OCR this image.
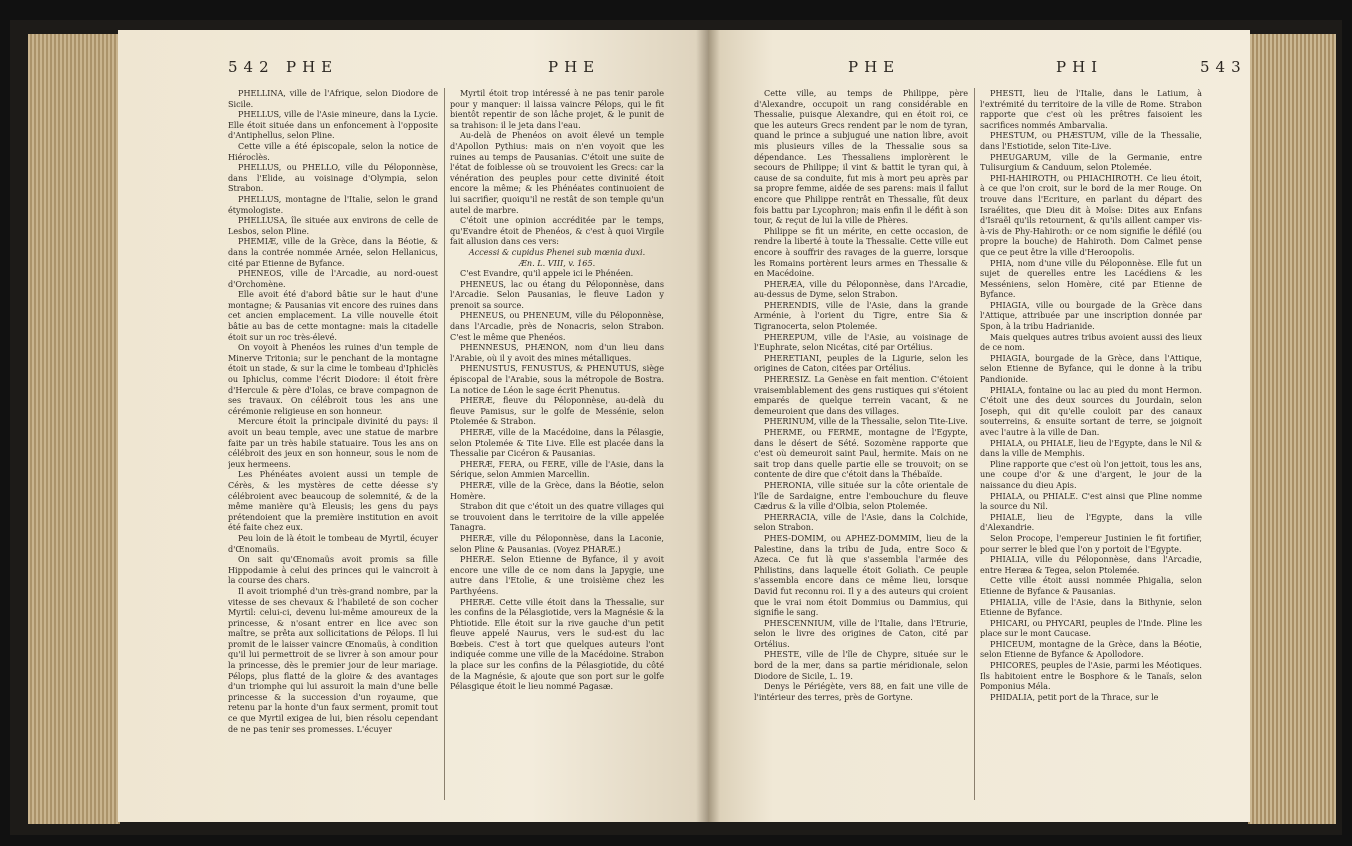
542 PHE	PHE

PHELLINA, ville de l'Afrique, selon Diodore de Sicile.

PHELLUS, ville de l'Asie mineure, dans la Lycie. Elle étoit située dans un enfoncement à l'opposite d'Antiphellus, selon Pline.

Cette ville a été épiscopale, selon la notice de Hiéroclès.

PHELLUS, ou PHELLO, ville du Péloponnèse, dans l'Elide, au voisinage d'Olympia, selon Strabon.

PHELLUS, montagne de l'Italie, selon le grand étymologiste.

PHELLUSA, île située aux environs de celle de Lesbos, selon Pline.

PHEMIÆ, ville de la Grèce, dans la Béotie, & dans la contrée nommée Arnée, selon Hellanicus, cité par Etienne de Byfance.

PHENEOS, ville de l'Arcadie, au nord-ouest d'Orchomène.

Elle avoit été d'abord bâtie sur le haut d'une montagne; & Pausanias vit encore des ruines dans cet ancien emplacement. La ville nouvelle étoit bâtie au bas de cette montagne: mais la citadelle étoit sur un roc très-élevé.

On voyoit à Phenéos les ruines d'un temple de Minerve Tritonia; sur le penchant de la montagne étoit un stade, & sur la cime le tombeau d'Iphiclès ou Iphiclus, comme l'écrit Diodore: il étoit frère d'Hercule & père d'Iolas, ce brave compagnon de ses travaux. On célébroit tous les ans une cérémonie religieuse en son honneur.

Mercure étoit la principale divinité du pays: il avoit un beau temple, avec une statue de marbre faite par un très habile statuaire. Tous les ans on célébroit des jeux en son honneur, sous le nom de jeux hermeens.

Les Phénéates avoient aussi un temple de Cérès, & les mystères de cette déesse s'y célébroient avec beaucoup de solemnité, & de la même manière qu'à Eleusis; les gens du pays prétendoient que la première institution en avoit été faite chez eux.

Peu loin de là étoit le tombeau de Myrtil, écuyer d'Œnomaüs.

On sait qu'Œnomaüs avoit promis sa fille Hippodamie à celui des princes qui le vaincroit à la course des chars.

Il avoit triomphé d'un très-grand nombre, par la vitesse de ses chevaux & l'habileté de son cocher Myrtil: celui-ci, devenu lui-même amoureux de la princesse, & n'osant entrer en lice avec son maître, se prêta aux sollicitations de Pélops. Il lui promit de le laisser vaincre Œnomaüs, à condition qu'il lui permettroit de se livrer à son amour pour la princesse, dès le premier jour de leur mariage. Pélops, plus flatté de la gloire & des avantages d'un triomphe qui lui assuroit la main d'une belle princesse & la succession d'un royaume, que retenu par la honte d'un faux serment, promit tout ce que Myrtil exigea de lui, bien résolu cependant de ne pas tenir ses promesses. L'écuyer

Myrtil étoit trop intéressé à ne pas tenir parole pour y manquer: il laissa vaincre Pélops, qui le fit bientôt repentir de son lâche projet, & le punit de sa trahison: il le jeta dans l'eau.

Au-delà de Phenéos on avoit élevé un temple d'Apollon Pythius: mais on n'en voyoit que les ruines au temps de Pausanias. C'étoit une suite de l'état de foiblesse où se trouvoient les Grecs: car la vénération des peuples pour cette divinité étoit encore la même; & les Phénéates continuoient de lui sacrifier, quoiqu'il ne restât de son temple qu'un autel de marbre.

C'étoit une opinion accréditée par le temps, qu'Evandre étoit de Phenéos, & c'est à quoi Virgile fait allusion dans ces vers:

Accessi & cupidus Phenei sub mœnia duxi.

Æn. L. VIII, v. 165.

C'est Evandre, qu'il appele ici le Phénéen.

PHENEUS, lac ou étang du Péloponnèse, dans l'Arcadie. Selon Pausanias, le fleuve Ladon y prenoit sa source.

PHENEUS, ou PHENEUM, ville du Péloponnèse, dans l'Arcadie, près de Nonacris, selon Strabon. C'est le même que Phenéos.

PHENNESUS, PHÆNON, nom d'un lieu dans l'Arabie, où il y avoit des mines métalliques.

PHENUSTUS, FENUSTUS, & PHENUTUS, siège épiscopal de l'Arabie, sous la métropole de Bostra. La notice de Léon le sage écrit Phenutus.

PHERÆ, fleuve du Péloponnèse, au-delà du fleuve Pamisus, sur le golfe de Messénie, selon Ptolemée & Strabon.

PHERÆ, ville de la Macédoine, dans la Pélasgie, selon Ptolemée & Tite Live. Elle est placée dans la Thessalie par Cicéron & Pausanias.

PHERÆ, FERA, ou FERE, ville de l'Asie, dans la Sérique, selon Ammien Marcellin.

PHERÆ, ville de la Grèce, dans la Béotie, selon Homère.

Strabon dit que c'étoit un des quatre villages qui se trouvoient dans le territoire de la ville appelée Tanagra.

PHERÆ, ville du Péloponnèse, dans la Laconie, selon Pline & Pausanias. (Voyez PHARÆ.)

PHERÆ. Selon Etienne de Byfance, il y avoit encore une ville de ce nom dans la Japygie, une autre dans l'Etolie, & une troisième chez les Parthyéens.

PHERÆ. Cette ville étoit dans la Thessalie, sur les confins de la Pélasgiotide, vers la Magnésie & la Phtiotide. Elle étoit sur la rive gauche d'un petit fleuve appelé Naurus, vers le sud-est du lac Bœbeis. C'est à tort que quelques auteurs l'ont indiquée comme une ville de la Macédoine. Strabon la place sur les confins de la Pélasgiotide, du côté de la Magnésie, & ajoute que son port sur le golfe Pélasgique étoit le lieu nommé Pagasæ.

PHE	PHI	543

Cette ville, au temps de Philippe, père d'Alexandre, occupoit un rang considérable en Thessalie, puisque Alexandre, qui en étoit roi, ce que les auteurs Grecs rendent par le nom de tyran, quand le prince a subjugué une nation libre, avoit mis plusieurs villes de la Thessalie sous sa dépendance. Les Thessaliens implorèrent le secours de Philippe; il vint & battit le tyran qui, à cause de sa conduite, fut mis à mort peu après par sa propre femme, aidée de ses parens: mais il fallut encore que Philippe rentrât en Thessalie, fût deux fois battu par Lycophron; mais enfin il le défit à son tour, & reçut de lui la ville de Phères.

Philippe se fit un mérite, en cette occasion, de rendre la liberté à toute la Thessalie. Cette ville eut encore à souffrir des ravages de la guerre, lorsque les Romains portèrent leurs armes en Thessalie & en Macédoine.

PHERÆA, ville du Péloponnèse, dans l'Arcadie, au-dessus de Dyme, selon Strabon.

PHERENDIS, ville de l'Asie, dans la grande Arménie, à l'orient du Tigre, entre Sia & Tigranocerta, selon Ptolemée.

PHEREPUM, ville de l'Asie, au voisinage de l'Euphrate, selon Nicétas, cité par Ortélius.

PHERETIANI, peuples de la Ligurie, selon les origines de Caton, citées par Ortélius.

PHERESIZ. La Genèse en fait mention. C'étoient vraisemblablement des gens rustiques qui s'étoient emparés de quelque terrein vacant, & ne demeuroient que dans des villages.

PHERINUM, ville de la Thessalie, selon Tite-Live.

PHERME, ou FERME, montagne de l'Egypte, dans le désert de Sété. Sozomène rapporte que c'est où demeuroit saint Paul, hermite. Mais on ne sait trop dans quelle partie elle se trouvoit; on se contente de dire que c'étoit dans la Thébaïde.

PHERONIA, ville située sur la côte orientale de l'île de Sardaigne, entre l'embouchure du fleuve Cædrus & la ville d'Olbia, selon Ptolemée.

PHERRACIA, ville de l'Asie, dans la Colchide, selon Strabon.

PHES-DOMIM, ou APHEZ-DOMMIM, lieu de la Palestine, dans la tribu de Juda, entre Soco & Azeca. Ce fut là que s'assembla l'armée des Philistins, dans laquelle étoit Goliath. Ce peuple s'assembla encore dans ce même lieu, lorsque David fut reconnu roi. Il y a des auteurs qui croient que le vrai nom étoit Dommius ou Dammius, qui signifie le sang.

PHESCENNIUM, ville de l'Italie, dans l'Etrurie, selon le livre des origines de Caton, cité par Ortélius.

PHESTE, ville de l'île de Chypre, située sur le bord de la mer, dans sa partie méridionale, selon Diodore de Sicile, L. 19.

Denys le Périégète, vers 88, en fait une ville de l'intérieur des terres, près de Gortyne.

PHESTI, lieu de l'Italie, dans le Latium, à l'extrémité du territoire de la ville de Rome. Strabon rapporte que c'est où les prêtres faisoient les sacrifices nommés Ambarvalia.

PHESTUM, ou PHÆSTUM, ville de la Thessalie, dans l'Estiotide, selon Tite-Live.

PHEUGARUM, ville de la Germanie, entre Tulisurgium & Canduum, selon Ptolemée.

PHI-HAHIROTH, ou PHIACHIROTH. Ce lieu étoit, à ce que l'on croit, sur le bord de la mer Rouge. On trouve dans l'Ecriture, en parlant du départ des Israélites, que Dieu dit à Moïse: Dites aux Enfans d'Israël qu'ils retournent, & qu'ils aillent camper vis-à-vis de Phy-Hahiroth: or ce nom signifie le défilé (ou propre la bouche) de Hahiroth. Dom Calmet pense que ce peut être la ville d'Heroopolis.

PHIA, nom d'une ville du Péloponnèse. Elle fut un sujet de querelles entre les Lacédiens & les Messéniens, selon Homère, cité par Etienne de Byfance.

PHIAGIA, ville ou bourgade de la Grèce dans l'Attique, attribuée par une inscription donnée par Spon, à la tribu Hadrianide.

Mais quelques autres tribus avoient aussi des lieux de ce nom.

PHIAGIA, bourgade de la Grèce, dans l'Attique, selon Etienne de Byfance, qui le donne à la tribu Pandionide.

PHIALA, fontaine ou lac au pied du mont Hermon. C'étoit une des deux sources du Jourdain, selon Joseph, qui dit qu'elle couloit par des canaux souterreins, & ensuite sortant de terre, se joignoit avec l'autre à la ville de Dan.

PHIALA, ou PHIALE, lieu de l'Egypte, dans le Nil & dans la ville de Memphis.

Pline rapporte que c'est où l'on jettoit, tous les ans, une coupe d'or & une d'argent, le jour de la naissance du dieu Apis.

PHIALA, ou PHIALE. C'est ainsi que Pline nomme la source du Nil.

PHIALE, lieu de l'Egypte, dans la ville d'Alexandrie.

Selon Procope, l'empereur Justinien le fit fortifier, pour serrer le bled que l'on y portoit de l'Egypte.

PHIALIA, ville du Péloponnèse, dans l'Arcadie, entre Heræa & Tegea, selon Ptolemée.

Cette ville étoit aussi nommée Phigalia, selon Etienne de Byfance & Pausanias.

PHIALIA, ville de l'Asie, dans la Bithynie, selon Etienne de Byfance.

PHICARI, ou PHYCARI, peuples de l'Inde. Pline les place sur le mont Caucase.

PHICEUM, montagne de la Grèce, dans la Béotie, selon Etienne de Byfance & Apollodore.

PHICORES, peuples de l'Asie, parmi les Méotiques. Ils habitoient entre le Bosphore & le Tanaïs, selon Pomponius Méla.

PHIDALIA, petit port de la Thrace, sur le
